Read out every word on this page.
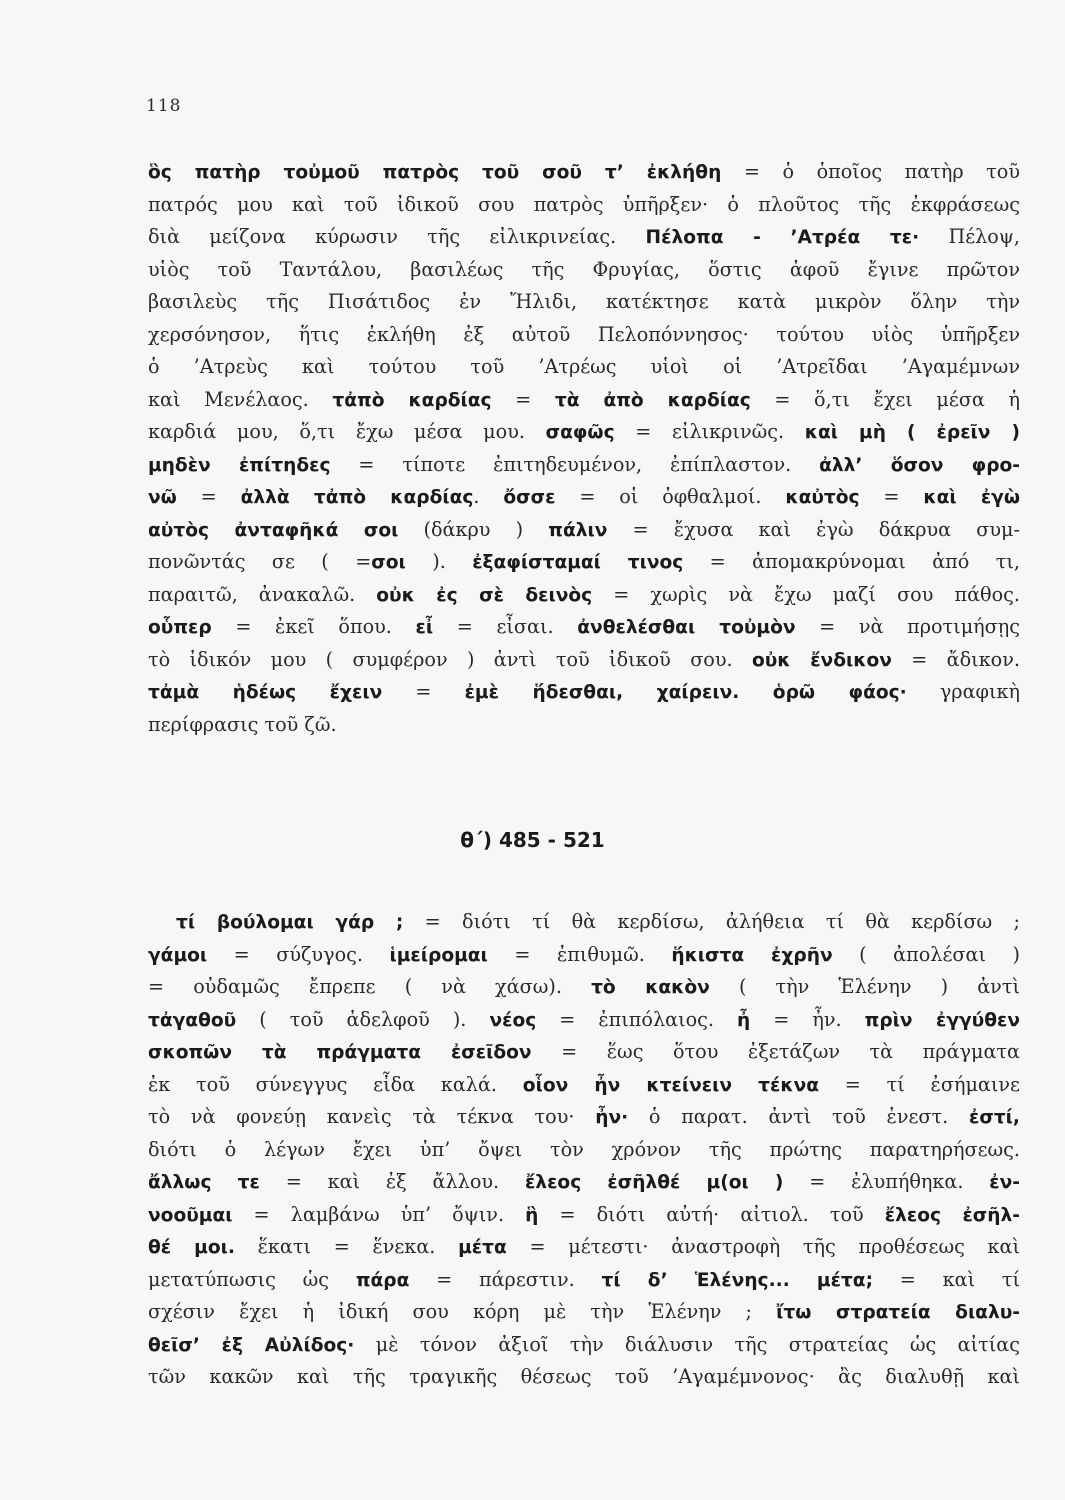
118
ὃς πατὴρ τοὐμοῦ πατρὸς τοῦ σοῦ τ’ ἐκλήθη = ὁ ὁποῖος πατὴρ τοῦ
πατρός μου καὶ τοῦ ἰδικοῦ σου πατρὸς ὑπῆρξεν· ὁ πλοῦτος τῆς ἐκφράσεως
διὰ μείζονα κύρωσιν τῆς εἰλικρινείας. Πέλοπα - ’Ατρέα τε· Πέλοψ,
υἱὸς τοῦ Ταντάλου, βασιλέως τῆς Φρυγίας, ὅστις ἀφοῦ ἔγινε πρῶτον
βασιλεὺς τῆς Πισάτιδος ἐν Ἤλιδι, κατέκτησε κατὰ μικρὸν ὅλην τὴν
χερσόνησον, ἥτις ἐκλήθη ἐξ αὐτοῦ Πελοπόννησος· τούτου υἱὸς ὑπῆρξεν
ὁ ’Ατρεὺς καὶ τούτου τοῦ ’Ατρέως υἱοὶ οἱ ’Ατρεῖδαι ’Αγαμέμνων
καὶ Μενέλαος. τἀπὸ καρδίας = τὰ ἀπὸ καρδίας = ὅ,τι ἔχει μέσα ἡ
καρδιά μου, ὅ,τι ἔχω μέσα μου. σαφῶς = εἰλικρινῶς. καὶ μὴ ( ἐρεῖν )
μηδὲν ἐπίτηδες = τίποτε ἐπιτηδευμένον, ἐπίπλαστον. ἀλλ’ ὅσον φρο-
νῶ = ἀλλὰ τἀπὸ καρδίας. ὄσσε = οἱ ὀφθαλμοί. καὐτὸς = καὶ ἐγὼ
αὐτὸς ἀνταφῆκά σοι (δάκρυ ) πάλιν = ἔχυσα καὶ ἐγὼ δάκρυα συμ-
πονῶντάς σε ( =σοι ). ἐξαφίσταμαί τινος = ἀπομακρύνομαι ἀπό τι,
παραιτῶ, ἀνακαλῶ. οὐκ ἐς σὲ δεινὸς = χωρὶς νὰ ἔχω μαζί σου πάθος.
οὗπερ = ἐκεῖ ὅπου. εἶ = εἶσαι. ἀνθελέσθαι τοὐμὸν = νὰ προτιμήσῃς
τὸ ἰδικόν μου ( συμφέρον ) ἀντὶ τοῦ ἰδικοῦ σου. οὐκ ἔνδικον = ἄδικον.
τἀμὰ ἡδέως ἔχειν = ἐμὲ ἥδεσθαι, χαίρειν. ὁρῶ φάος· γραφικὴ
περίφρασις τοῦ ζῶ.
θ΄) 485 - 521
τί βούλομαι γάρ ; = διότι τί θὰ κερδίσω, ἀλήθεια τί θὰ κερδίσω ;
γάμοι = σύζυγος. ἱμείρομαι = ἐπιθυμῶ. ἥκιστα ἐχρῆν ( ἀπολέσαι )
= οὐδαμῶς ἔπρεπε ( νὰ χάσω). τὸ κακὸν ( τὴν Ἑλένην ) ἀντὶ
τἀγαθοῦ ( τοῦ ἀδελφοῦ ). νέος = ἐπιπόλαιος. ἦ = ἦν. πρὶν ἐγγύθεν
σκοπῶν τὰ πράγματα ἐσεῖδον = ἕως ὅτου ἐξετάζων τὰ πράγματα
ἐκ τοῦ σύνεγγυς εἶδα καλά. οἷον ἦν κτείνειν τέκνα = τί ἐσήμαινε
τὸ νὰ φονεύῃ κανεὶς τὰ τέκνα του· ἦν· ὁ παρατ. ἀντὶ τοῦ ἐνεστ. ἐστί,
διότι ὁ λέγων ἔχει ὑπ’ ὄψει τὸν χρόνον τῆς πρώτης παρατηρήσεως.
ἄλλως τε = καὶ ἐξ ἄλλου. ἔλεος ἐσῆλθέ μ(οι ) = ἐλυπήθηκα. ἐν-
νοοῦμαι = λαμβάνω ὑπ’ ὄψιν. ἣ = διότι αὐτή· αἰτιολ. τοῦ ἔλεος ἐσῆλ-
θέ μοι. ἕκατι = ἕνεκα. μέτα = μέτεστι· ἀναστροφὴ τῆς προθέσεως καὶ
μετατύπωσις ὡς πάρα = πάρεστιν. τί δ’ Ἑλένης... μέτα; = καὶ τί
σχέσιν ἔχει ἡ ἰδική σου κόρη μὲ τὴν Ἑλένην ; ἴτω στρατεία διαλυ-
θεῖσ’ ἐξ Αὐλίδος· μὲ τόνον ἀξιοῖ τὴν διάλυσιν τῆς στρατείας ὡς αἰτίας
τῶν κακῶν καὶ τῆς τραγικῆς θέσεως τοῦ ’Αγαμέμνονος· ἂς διαλυθῇ καὶ
